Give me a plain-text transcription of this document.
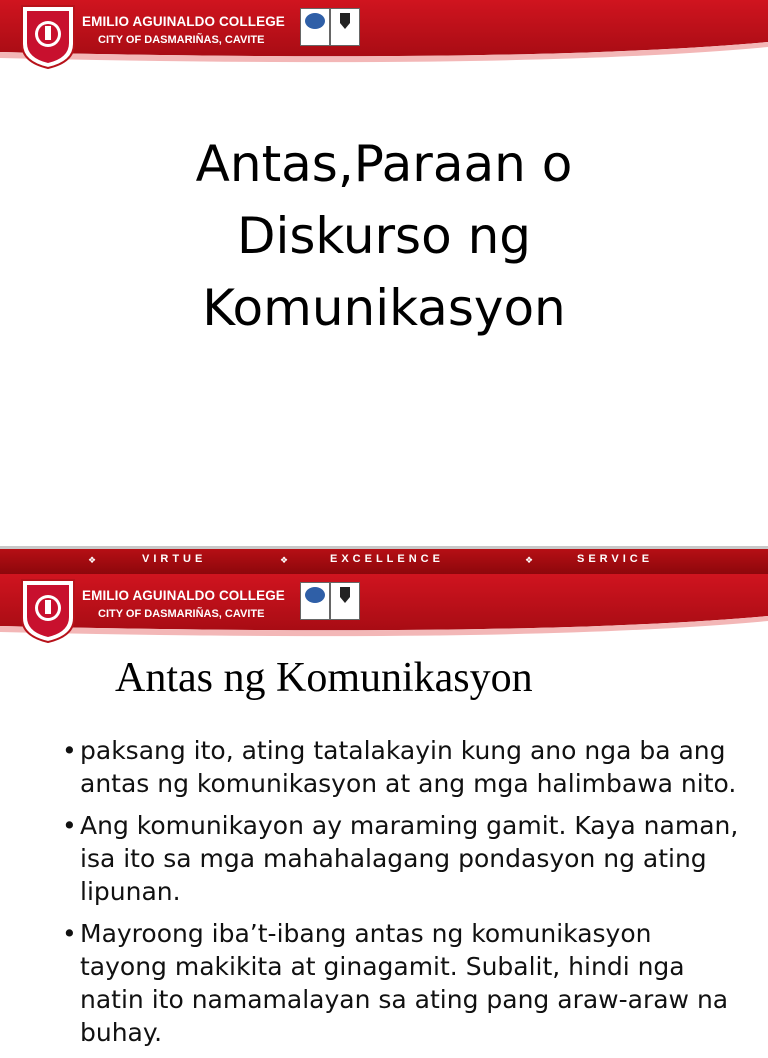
EMILIO AGUINALDO COLLEGE
CITY OF DASMARIÑAS, CAVITE
Antas,Paraan o
Diskurso ng
Komunikasyon
❖	VIRTUE	❖	EXCELLENCE	❖	SERVICE
EMILIO AGUINALDO COLLEGE
CITY OF DASMARIÑAS, CAVITE
Antas ng Komunikasyon
• paksang ito, ating tatalakayin kung ano nga ba ang antas ng komunikasyon at ang mga halimbawa nito.
• Ang komunikayon ay maraming gamit. Kaya naman, isa ito sa mga mahahalagang pondasyon ng ating lipunan.
• Mayroong iba’t-ibang antas ng komunikasyon tayong makikita at ginagamit. Subalit, hindi nga natin ito namamalayan sa ating pang araw-araw na buhay.
